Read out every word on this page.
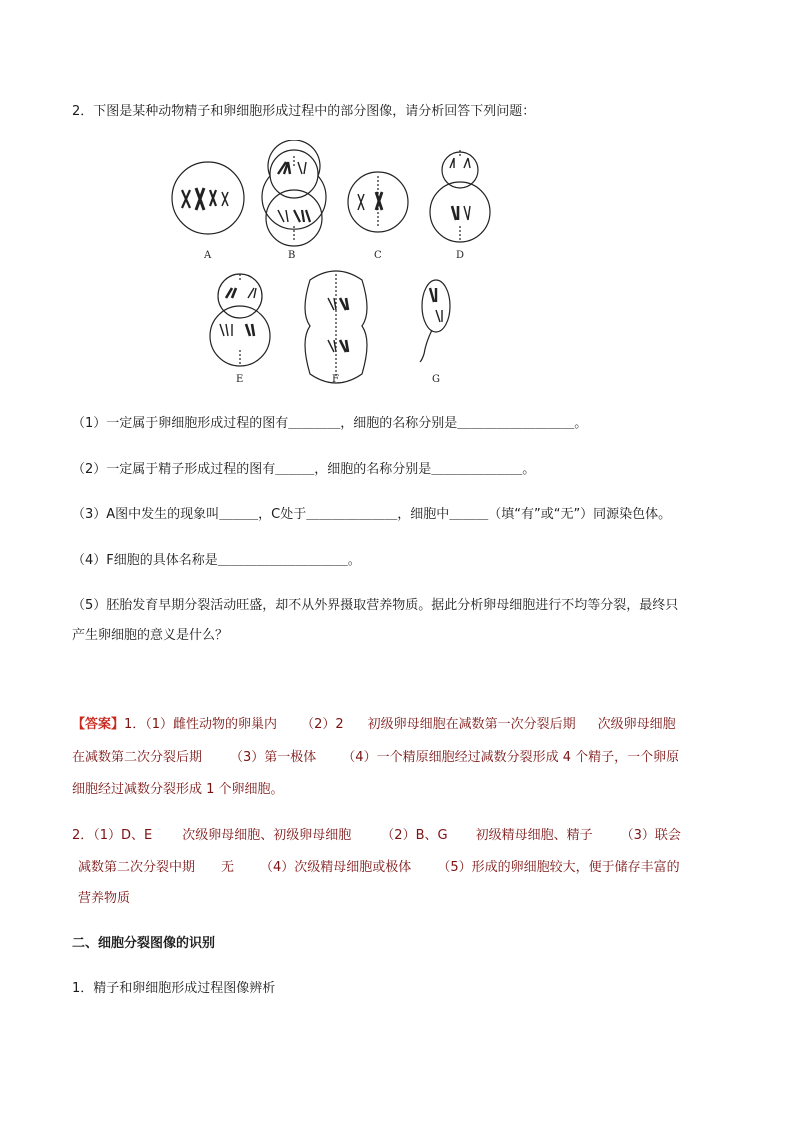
2．下图是某种动物精子和卵细胞形成过程中的部分图像，请分析回答下列问题：
A	B	C	D
E	F	G
（1）一定属于卵细胞形成过程的图有＿＿＿＿，细胞的名称分别是＿＿＿＿＿＿＿＿＿。
（2）一定属于精子形成过程的图有＿＿＿，细胞的名称分别是＿＿＿＿＿＿＿。
（3）A图中发生的现象叫＿＿＿，C处于＿＿＿＿＿＿＿，细胞中＿＿＿（填“有”或“无”）同源染色体。
（4）F细胞的具体名称是＿＿＿＿＿＿＿＿＿＿。
（5）胚胎发育早期分裂活动旺盛，却不从外界摄取营养物质。据此分析卵母细胞进行不均等分裂，最终只
产生卵细胞的意义是什么？
【答案】1．（1）雌性动物的卵巢内 （2）2 初级卵母细胞在减数第一次分裂后期 次级卵母细胞
在减数第二次分裂后期 （3）第一极体 （4）一个精原细胞经过减数分裂形成 4 个精子，一个卵原
细胞经过减数分裂形成 1 个卵细胞。
2．（1）D、E 次级卵母细胞、初级卵母细胞 （2）B、G 初级精母细胞、精子 （3）联会
减数第二次分裂中期 无 （4）次级精母细胞或极体 （5）形成的卵细胞较大，便于储存丰富的
营养物质
二、细胞分裂图像的识别
1．精子和卵细胞形成过程图像辨析
